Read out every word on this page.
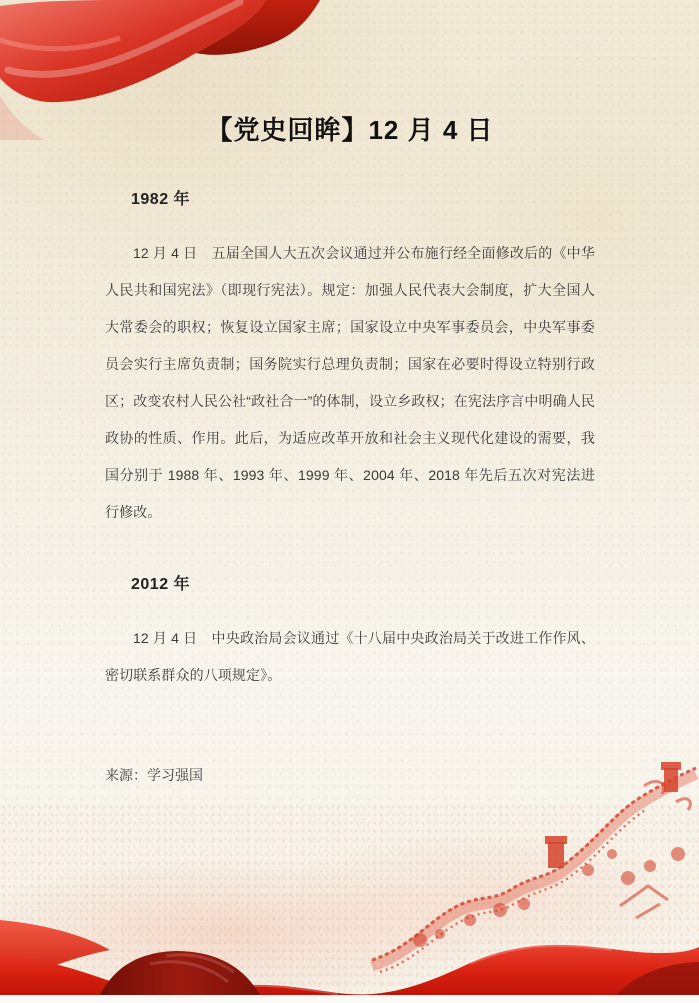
【党史回眸】12 月 4 日
1982 年

12 月 4 日　五届全国人大五次会议通过并公布施行经全面修改后的《中华人民共和国宪法》（即现行宪法）。规定：加强人民代表大会制度，扩大全国人大常委会的职权；恢复设立国家主席；国家设立中央军事委员会，中央军事委员会实行主席负责制；国务院实行总理负责制；国家在必要时得设立特别行政区；改变农村人民公社“政社合一”的体制，设立乡政权；在宪法序言中明确人民政协的性质、作用。此后，为适应改革开放和社会主义现代化建设的需要，我国分别于 1988 年、1993 年、1999 年、2004 年、2018 年先后五次对宪法进行修改。

2012 年

12 月 4 日　中央政治局会议通过《十八届中央政治局关于改进工作作风、密切联系群众的八项规定》。

来源：学习强国
